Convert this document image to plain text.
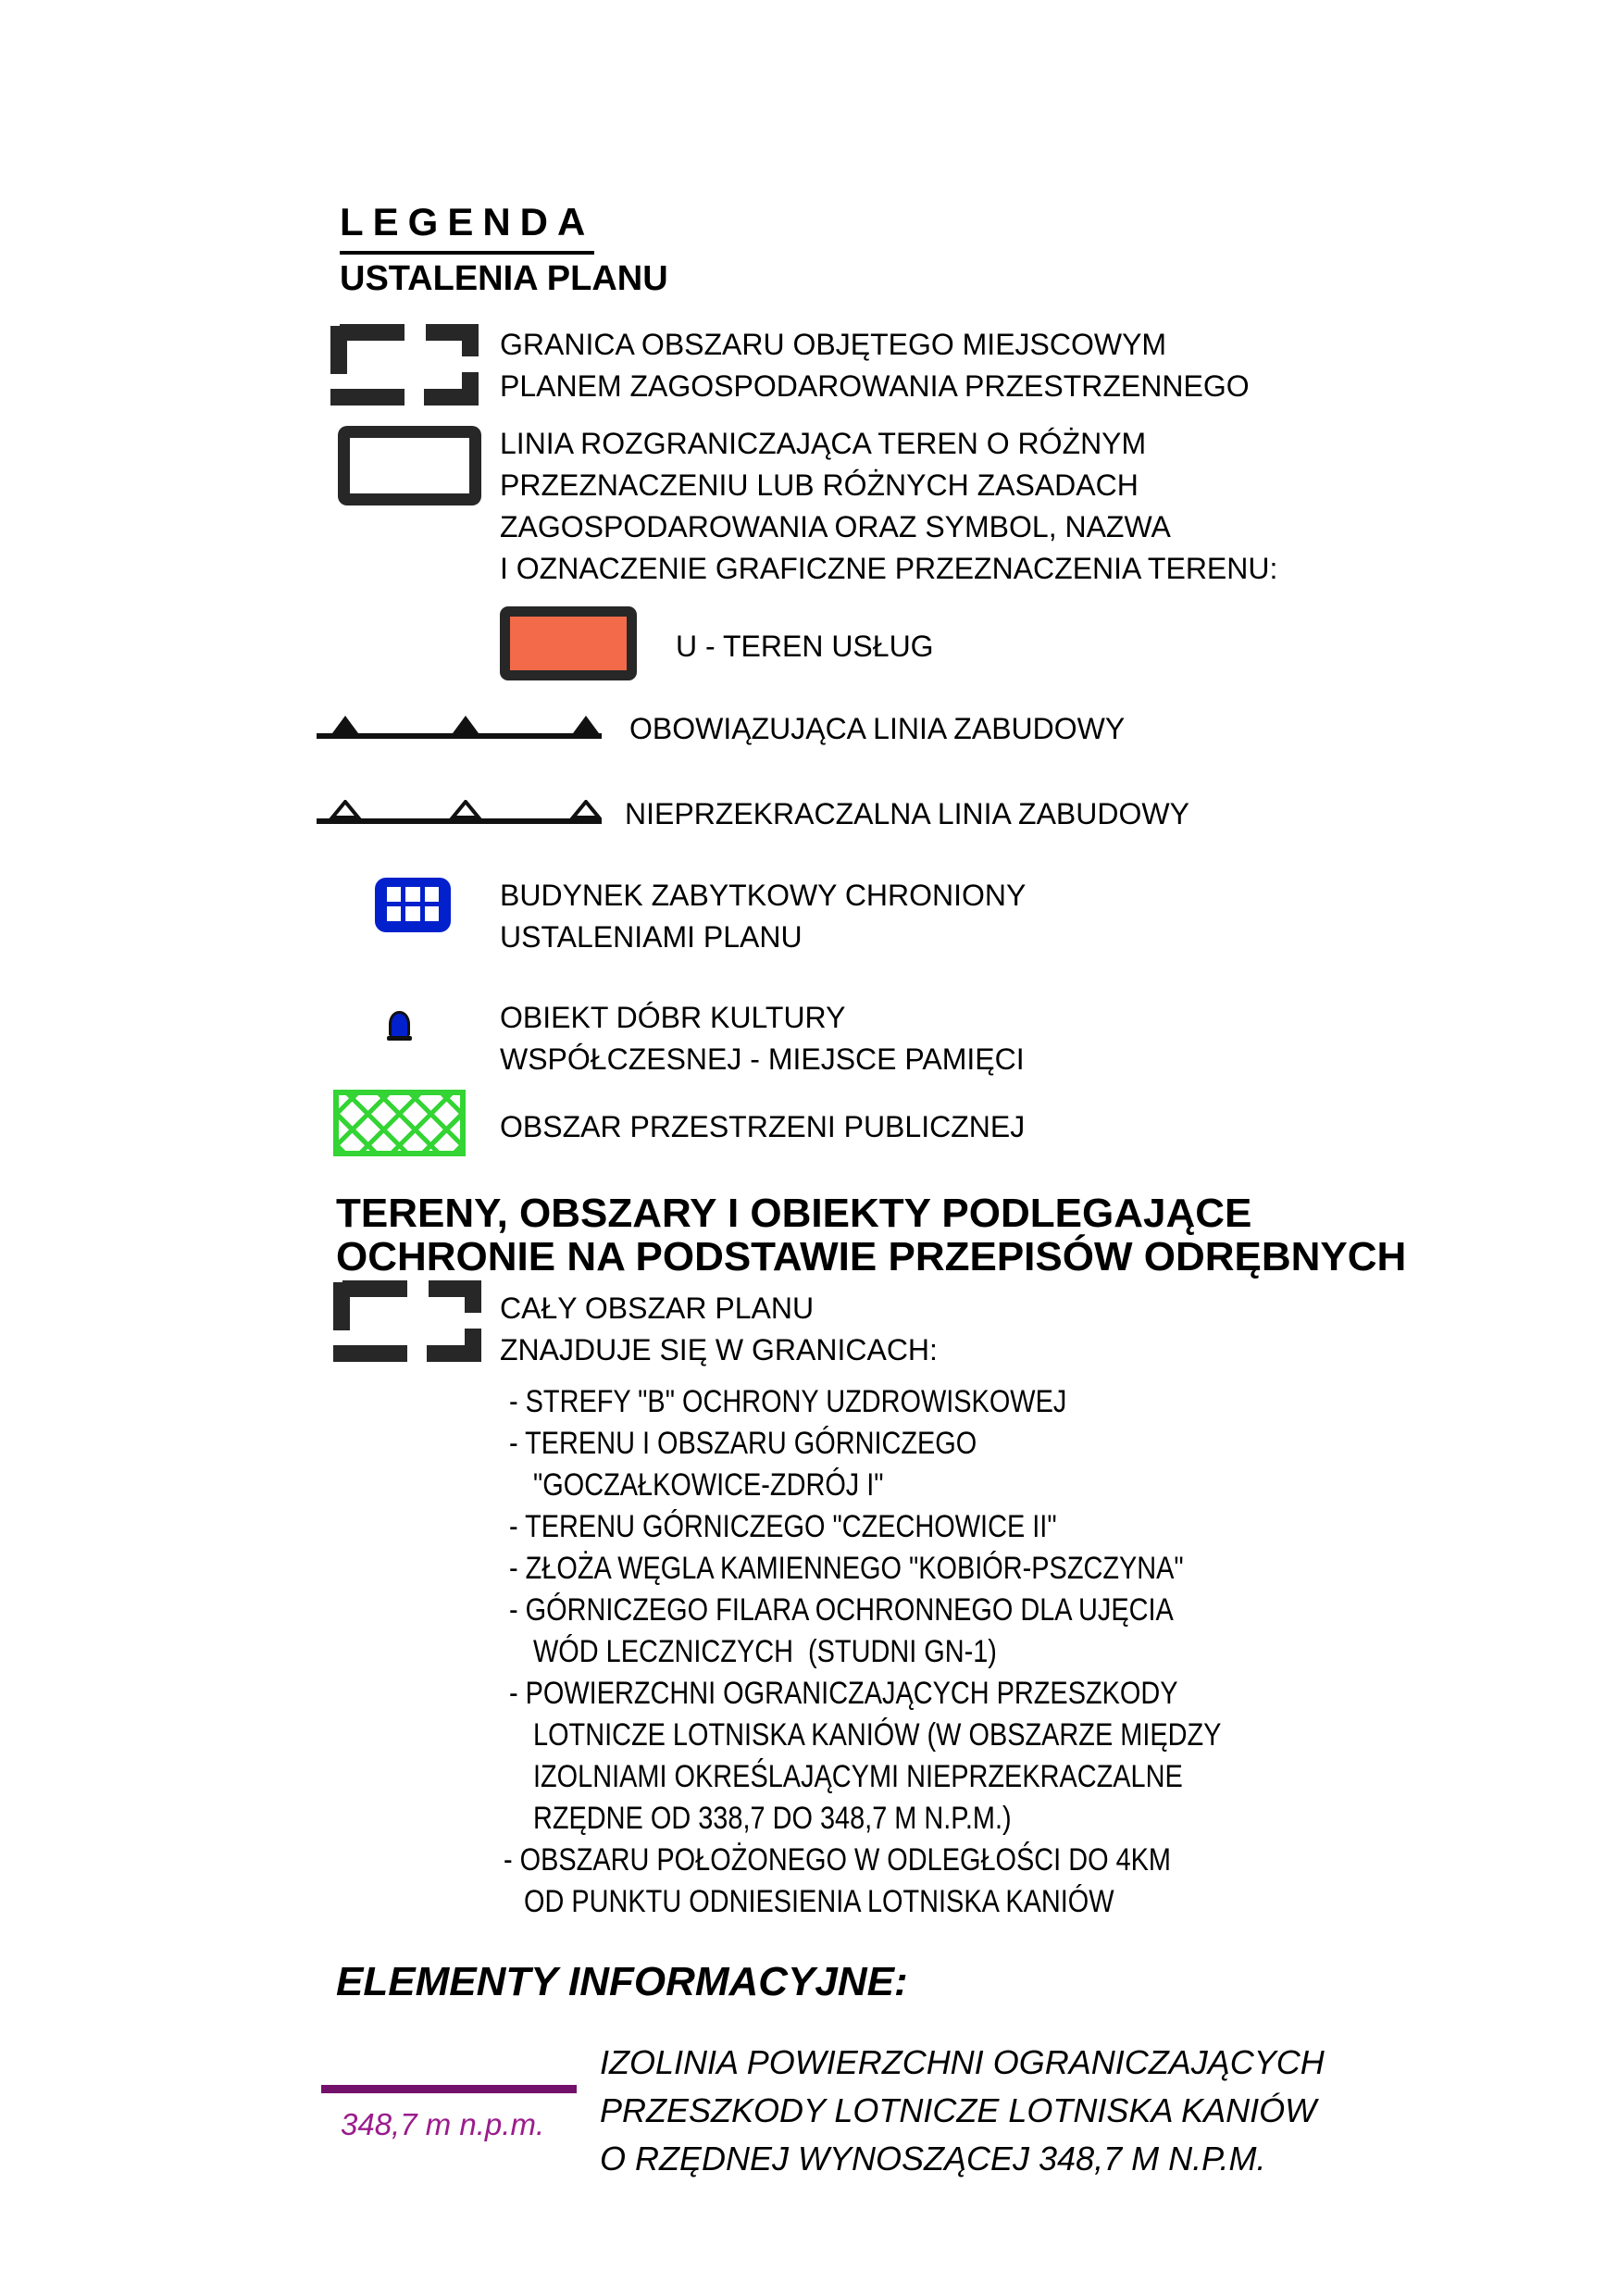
LEGENDA
USTALENIA PLANU
GRANICA OBSZARU OBJĘTEGO MIEJSCOWYM
PLANEM ZAGOSPODAROWANIA PRZESTRZENNEGO
LINIA ROZGRANICZAJĄCA TEREN O RÓŻNYM
PRZEZNACZENIU LUB RÓŻNYCH ZASADACH
ZAGOSPODAROWANIA ORAZ SYMBOL, NAZWA
I OZNACZENIE GRAFICZNE PRZEZNACZENIA TERENU:
U - TEREN USŁUG
OBOWIĄZUJĄCA LINIA ZABUDOWY
NIEPRZEKRACZALNA LINIA ZABUDOWY
BUDYNEK ZABYTKOWY CHRONIONY
USTALENIAMI PLANU
OBIEKT DÓBR KULTURY
WSPÓŁCZESNEJ - MIEJSCE PAMIĘCI
OBSZAR PRZESTRZENI PUBLICZNEJ
TERENY, OBSZARY I OBIEKTY PODLEGAJĄCE
OCHRONIE NA PODSTAWIE PRZEPISÓW ODRĘBNYCH
CAŁY OBSZAR PLANU
ZNAJDUJE SIĘ W GRANICACH:
- STREFY "B" OCHRONY UZDROWISKOWEJ
- TERENU I OBSZARU GÓRNICZEGO
"GOCZAŁKOWICE-ZDRÓJ I"
- TERENU GÓRNICZEGO "CZECHOWICE II"
- ZŁOŻA WĘGLA KAMIENNEGO "KOBIÓR-PSZCZYNA"
- GÓRNICZEGO FILARA OCHRONNEGO DLA UJĘCIA
WÓD LECZNICZYCH  (STUDNI GN-1)
- POWIERZCHNI OGRANICZAJĄCYCH PRZESZKODY
LOTNICZE LOTNISKA KANIÓW (W OBSZARZE MIĘDZY
IZOLNIAMI OKREŚLAJĄCYMI NIEPRZEKRACZALNE
RZĘDNE OD 338,7 DO 348,7 M N.P.M.)
- OBSZARU POŁOŻONEGO W ODLEGŁOŚCI DO 4KM
OD PUNKTU ODNIESIENIA LOTNISKA KANIÓW
ELEMENTY INFORMACYJNE:
348,7 m n.p.m.
IZOLINIA POWIERZCHNI OGRANICZAJĄCYCH
PRZESZKODY LOTNICZE LOTNISKA KANIÓW
O RZĘDNEJ WYNOSZĄCEJ 348,7 M N.P.M.
